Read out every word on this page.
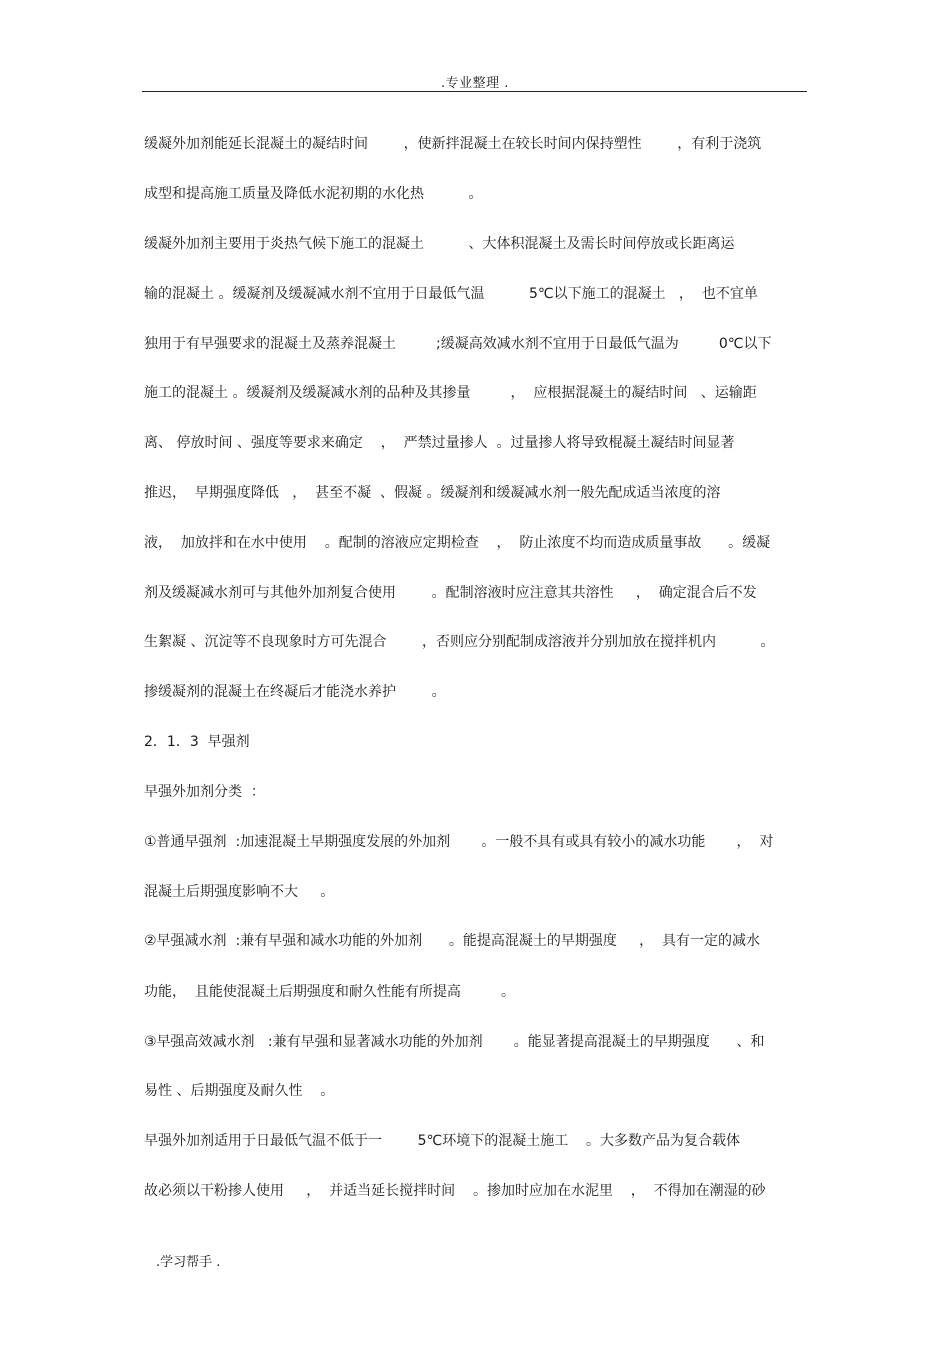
.专业整理 .
缓凝外加剂能延长混凝土的凝结时间        ，使新拌混凝土在较长时间内保持塑性        ，有利于浇筑
成型和提高施工质量及降低水泥初期的水化热          。
缓凝外加剂主要用于炎热气候下施工的混凝土          、大体积混凝土及需长时间停放或长距离运
输的混凝土 。缓凝剂及缓凝减水剂不宜用于日最低气温          5℃以下施工的混凝土   ，  也不宜单
独用于有早强要求的混凝土及蒸养混凝土         ;缓凝高效减水剂不宜用于日最低气温为         0℃以下
施工的混凝土 。缓凝剂及缓凝减水剂的品种及其掺量         ，  应根据混凝土的凝结时间   、运输距
离、 停放时间 、强度等要求来确定    ，  严禁过量掺人  。过量掺人将导致棍凝土凝结时间显著
推迟，  早期强度降低   ，  甚至不凝  、假凝 。缓凝剂和缓凝减水剂一般先配成适当浓度的溶
液，  加放拌和在水中使用    。配制的溶液应定期检查    ，  防止浓度不均而造成质量事故      。缓凝
剂及缓凝减水剂可与其他外加剂复合使用        。配制溶液时应注意其共溶性     ，  确定混合后不发
生絮凝 、沉淀等不良现象时方可先混合        ，否则应分别配制成溶液并分别加放在搅拌机内          。
掺缓凝剂的混凝土在终凝后才能浇水养护        。
2．1．3  早强剂
早强外加剂分类  ：
①普通早强剂  :加速混凝土早期强度发展的外加剂       。一般不具有或具有较小的减水功能       ，  对
混凝土后期强度影响不大     。
②早强减水剂  :兼有早强和减水功能的外加剂      。能提高混凝土的早期强度     ，  具有一定的减水
功能，  且能使混凝土后期强度和耐久性能有所提高         。
③早强高效减水剂   :兼有早强和显著减水功能的外加剂       。能显著提高混凝土的早期强度      、和
易性 、后期强度及耐久性    。
早强外加剂适用于日最低气温不低于一        5℃环境下的混凝土施工    。大多数产品为复合载体
故必须以干粉掺人使用     ，  并适当延长搅拌时间    。掺加时应加在水泥里    ，  不得加在潮湿的砂
.学习帮手 .
